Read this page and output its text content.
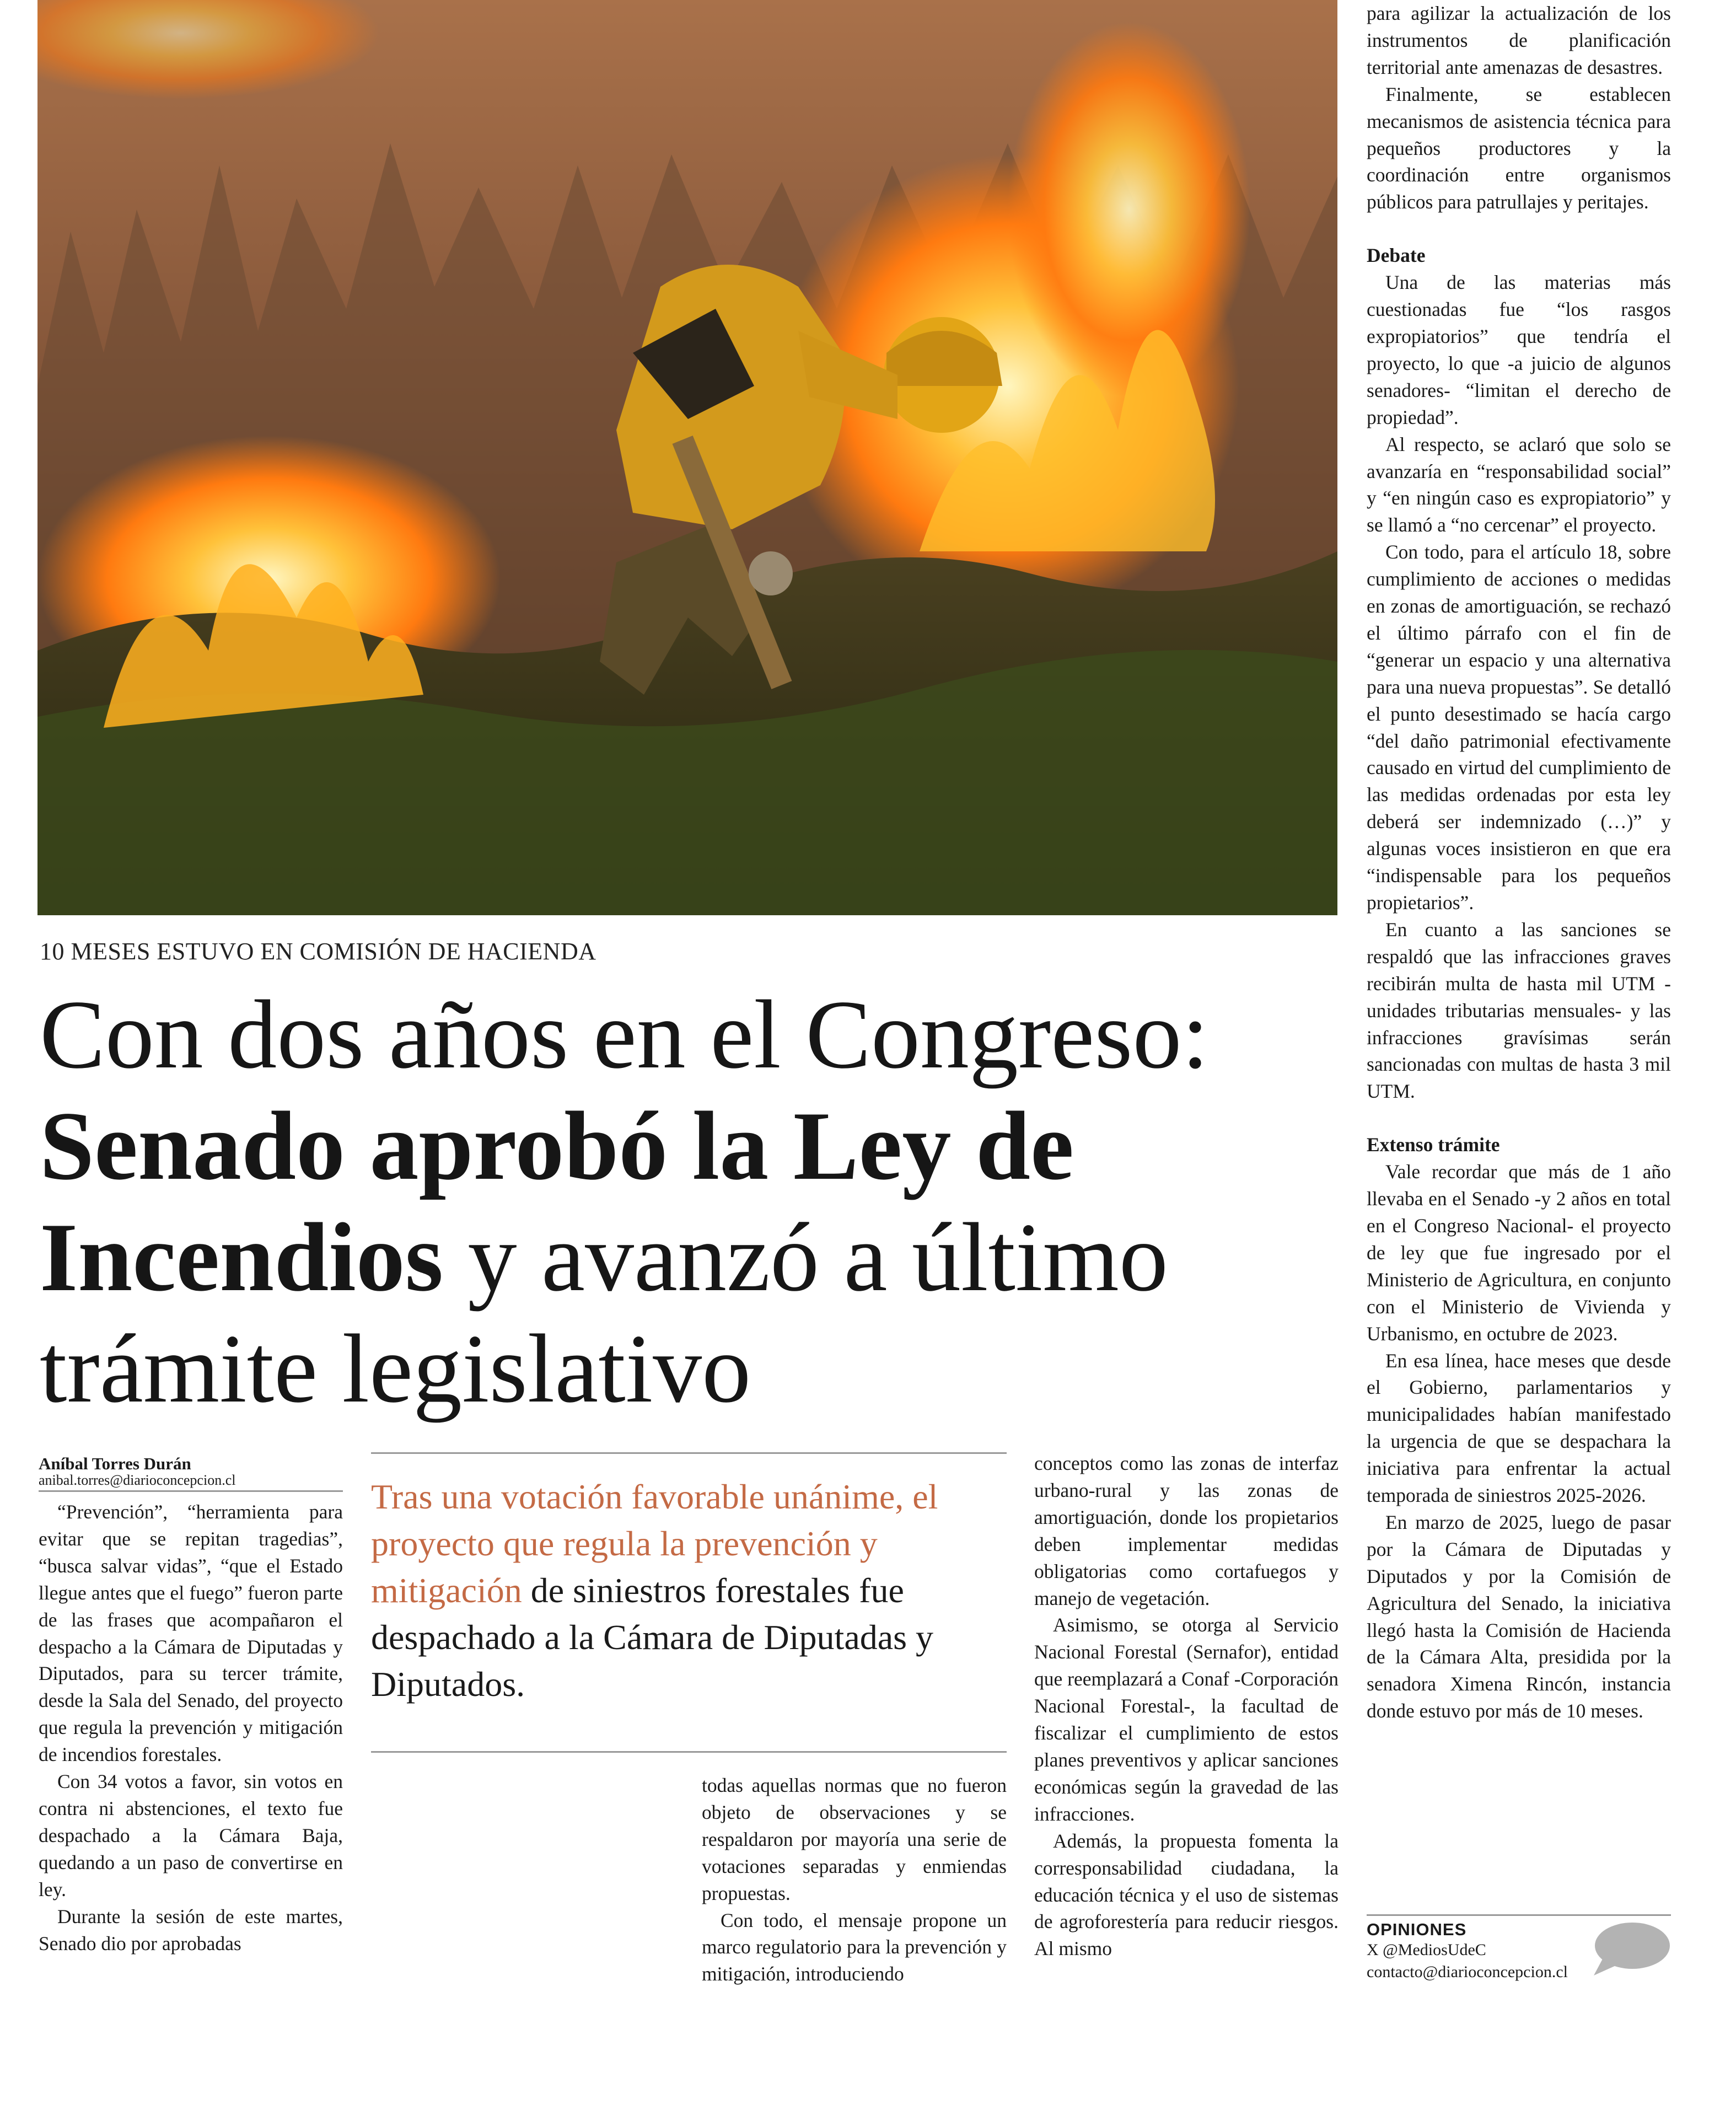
10 MESES ESTUVO EN COMISIÓN DE HACIENDA
Con dos años en el Congreso:
Senado aprobó la Ley de Incendios y avanzó a último trámite legislativo
Aníbal Torres Durán
anibal.torres@diarioconcepcion.cl

“Prevención”, “herramienta para evitar que se repitan tragedias”, “busca salvar vidas”, “que el Estado llegue antes que el fuego” fueron parte de las frases que acompañaron el despacho a la Cámara de Diputadas y Diputados, para su tercer trámite, desde la Sala del Senado, del proyecto que regula la prevención y mitigación de incendios forestales.

Con 34 votos a favor, sin votos en contra ni abstenciones, el texto fue despachado a la Cámara Baja, quedando a un paso de convertirse en ley.

Durante la sesión de este martes, Senado dio por aprobadas

Tras una votación favorable unánime, el proyecto que regula la prevención y mitigación de siniestros forestales fue despachado a la Cámara de Diputadas y Diputados.

todas aquellas normas que no fueron objeto de observaciones y se respaldaron por mayoría una serie de votaciones separadas y enmiendas propuestas.

Con todo, el mensaje propone un marco regulatorio para la prevención y mitigación, introduciendo

conceptos como las zonas de interfaz urbano-rural y las zonas de amortiguación, donde los propietarios deben implementar medidas obligatorias como cortafuegos y manejo de vegetación.

Asimismo, se otorga al Servicio Nacional Forestal (Sernafor), entidad que reemplazará a Conaf -Corporación Nacional Forestal-, la facultad de fiscalizar el cumplimiento de estos planes preventivos y aplicar sanciones económicas según la gravedad de las infracciones.

Además, la propuesta fomenta la corresponsabilidad ciudadana, la educación técnica y el uso de sistemas de agroforestería para reducir riesgos. Al mismo

para agilizar la actualización de los instrumentos de planificación territorial ante amenazas de desastres.

Finalmente, se establecen mecanismos de asistencia técnica para pequeños productores y la coordinación entre organismos públicos para patrullajes y peritajes.

Debate

Una de las materias más cuestionadas fue “los rasgos expropiatorios” que tendría el proyecto, lo que -a juicio de algunos senadores- “limitan el derecho de propiedad”.

Al respecto, se aclaró que solo se avanzaría en “responsabilidad social” y “en ningún caso es expropiatorio” y se llamó a “no cercenar” el proyecto.

Con todo, para el artículo 18, sobre cumplimiento de acciones o medidas en zonas de amortiguación, se rechazó el último párrafo con el fin de “generar un espacio y una alternativa para una nueva propuestas”. Se detalló el punto desestimado se hacía cargo “del daño patrimonial efectivamente causado en virtud del cumplimiento de las medidas ordenadas por esta ley deberá ser indemnizado (…)” y algunas voces insistieron en que era “indispensable para los pequeños propietarios”.

En cuanto a las sanciones se respaldó que las infracciones graves recibirán multa de hasta mil UTM -unidades tributarias mensuales- y las infracciones gravísimas serán sancionadas con multas de hasta 3 mil UTM.

Extenso trámite

Vale recordar que más de 1 año llevaba en el Senado -y 2 años en total en el Congreso Nacional- el proyecto de ley que fue ingresado por el Ministerio de Agricultura, en conjunto con el Ministerio de Vivienda y Urbanismo, en octubre de 2023.

En esa línea, hace meses que desde el Gobierno, parlamentarios y municipalidades habían manifestado la urgencia de que se despachara la iniciativa para enfrentar la actual temporada de siniestros 2025-2026.

En marzo de 2025, luego de pasar por la Cámara de Diputadas y Diputados y por la Comisión de Agricultura del Senado, la iniciativa llegó hasta la Comisión de Hacienda de la Cámara Alta, presidida por la senadora Ximena Rincón, instancia donde estuvo por más de 10 meses.

OPINIONES
X @MediosUdeC
contacto@diarioconcepcion.cl
